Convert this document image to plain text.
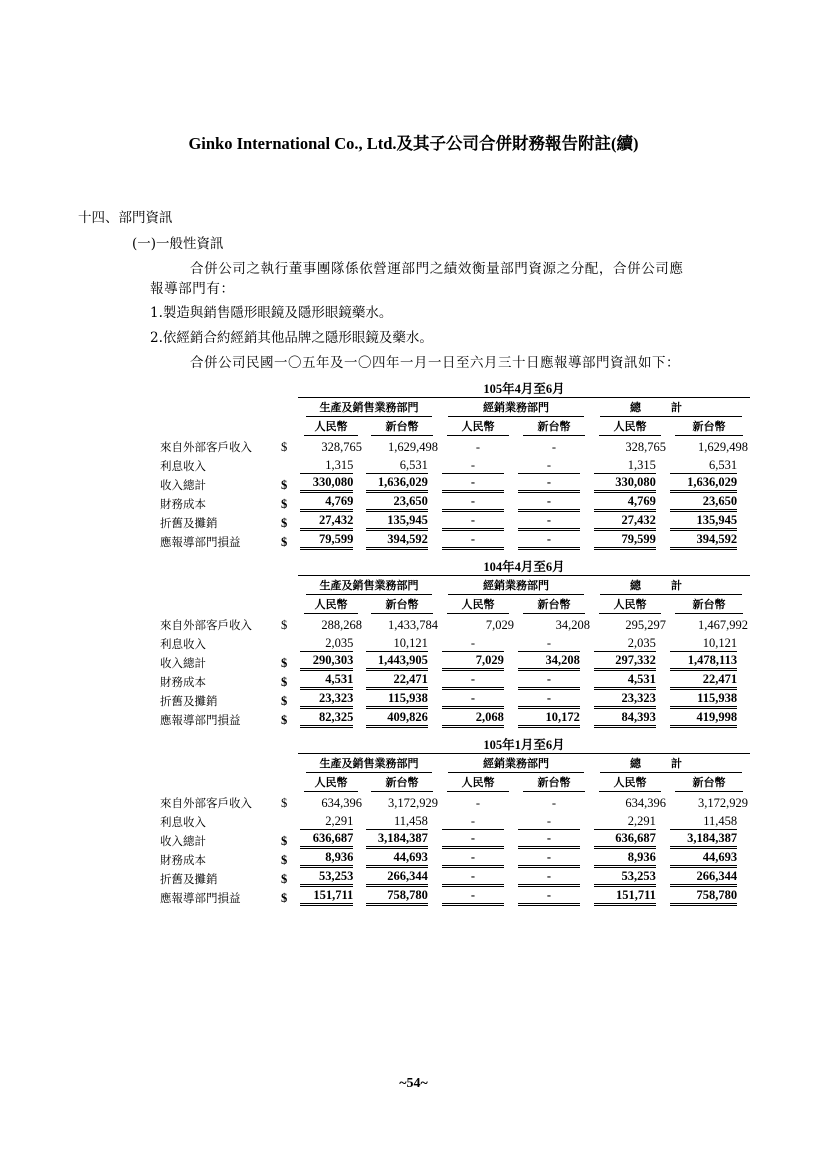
Ginko International Co., Ltd.及其子公司合併財務報告附註(續)
十四、部門資訊
(一)一般性資訊
合併公司之執行董事團隊係依營運部門之績效衡量部門資源之分配，合併公司應
報導部門有：
1.製造與銷售隱形眼鏡及隱形眼鏡藥水。
2.依經銷合約經銷其他品牌之隱形眼鏡及藥水。
合併公司民國一〇五年及一〇四年一月一日至六月三十日應報導部門資訊如下：
		105年4月至6月					
		生產及銷售業務部門		經銷業務部門		總計	
		人民幣	新台幣	人民幣	新台幣	人民幣	新台幣
來自外部客戶收入	$	328,765	1,629,498	-	-	328,765	1,629,498
利息收入		1,315	6,531	-	-	1,315	6,531
收入總計	$	330,080	1,636,029	-	-	330,080	1,636,029
財務成本	$	4,769	23,650	-	-	4,769	23,650
折舊及攤銷	$	27,432	135,945	-	-	27,432	135,945
應報導部門損益	$	79,599	394,592	-	-	79,599	394,592
		104年4月至6月					
		生產及銷售業務部門		經銷業務部門		總計	
		人民幣	新台幣	人民幣	新台幣	人民幣	新台幣
來自外部客戶收入	$	288,268	1,433,784	7,029	34,208	295,297	1,467,992
利息收入		2,035	10,121	-	-	2,035	10,121
收入總計	$	290,303	1,443,905	7,029	34,208	297,332	1,478,113
財務成本	$	4,531	22,471	-	-	4,531	22,471
折舊及攤銷	$	23,323	115,938	-	-	23,323	115,938
應報導部門損益	$	82,325	409,826	2,068	10,172	84,393	419,998
		105年1月至6月					
		生產及銷售業務部門		經銷業務部門		總計	
		人民幣	新台幣	人民幣	新台幣	人民幣	新台幣
來自外部客戶收入	$	634,396	3,172,929	-	-	634,396	3,172,929
利息收入		2,291	11,458	-	-	2,291	11,458
收入總計	$	636,687	3,184,387	-	-	636,687	3,184,387
財務成本	$	8,936	44,693	-	-	8,936	44,693
折舊及攤銷	$	53,253	266,344	-	-	53,253	266,344
應報導部門損益	$	151,711	758,780	-	-	151,711	758,780
~54~
